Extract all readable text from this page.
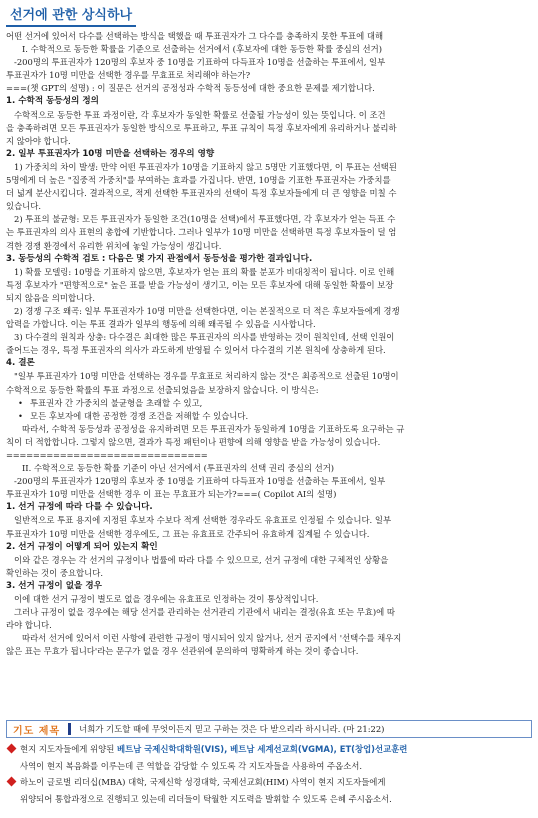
선거에 관한 상식하나

어떤 선거에 있어서 다수를 선택하는 방식을 택했을 때 투표권자가 그 다수를 충족하지 못한 투표에 대해

I. 수학적으로 동등한 확률을 기준으로 선출하는 선거에서 (후보자에 대한 동등한 확률 중심의 선거)

-200명의 투표권자가 120명의 후보자 중 10명을 기표하여 다득표자 10명을 선출하는 투표에서, 일부

투표권자가 10명 미만을 선택한 경우를 무효표로 처리해야 하는가?

===(챗 GPT의 설명) : 이 질문은 선거의 공정성과 수학적 동등성에 대한 중요한 문제를 제기합니다.

1. 수학적 동등성의 정의

수학적으로 동등한 투표 과정이란, 각 후보자가 동일한 확률로 선출될 가능성이 있는 뜻입니다. 이 조건

을 충족하려면 모든 투표권자가 동일한 방식으로 투표하고, 투표 규칙이 특정 후보자에게 유리하거나 불리하

지 않아야 합니다.

2. 일부 투표권자가 10명 미만을 선택하는 경우의 영향

1) 가중치의 차이 발생: 만약 어떤 투표권자가 10명을 기표하지 않고 5명만 기표했다면, 이 투표는 선택된

5명에게 더 높은 "집중적 가중치"를 부여하는 효과를 가집니다. 반면, 10명을 기표한 투표권자는 가중치를

더 넓게 분산시킵니다. 결과적으로, 적게 선택한 투표권자의 선택이 특정 후보자들에게 더 큰 영향을 미칠 수

있습니다.

2) 투표의 불균형: 모든 투표권자가 동일한 조건(10명을 선택)에서 투표했다면, 각 후보자가 얻는 득표 수

는 투표권자의 의사 표현의 총합에 기반합니다. 그러나 일부가 10명 미만을 선택하면 특정 후보자들이 덜 엄

격한 경쟁 환경에서 유리한 위치에 놓일 가능성이 생깁니다.

3. 동등성의 수학적 검토 : 다음은 몇 가지 관점에서 동등성을 평가한 결과입니다.

1) 확률 모델링: 10명을 기표하지 않으면, 후보자가 얻는 표의 확률 분포가 비대칭적이 됩니다. 이로 인해

특정 후보자가 "편향적으로" 높은 표를 받을 가능성이 생기고, 이는 모든 후보자에 대해 동일한 확률이 보장

되지 않음을 의미합니다.

2) 경쟁 구조 왜곡: 일부 투표권자가 10명 미만을 선택한다면, 이는 본질적으로 더 적은 후보자들에게 경쟁

압력을 가합니다. 이는 투표 결과가 일부의 행동에 의해 왜곡될 수 있음을 시사합니다.

3) 다수결의 원칙과 상충: 다수결은 최대한 많은 투표권자의 의사를 반영하는 것이 원칙인데, 선택 인원이

줄어드는 경우, 특정 투표권자의 의사가 과도하게 반영될 수 있어서 다수결의 기본 원칙에 상충하게 된다.

4. 결론

"일부 투표권자가 10명 미만을 선택하는 경우를 무효표로 처리하지 않는 것"은 최종적으로 선출된 10명이

수학적으로 동등한 확률의 투표 과정으로 선출되었음을 보장하지 않습니다. 이 방식은:

• 투표권자 간 가중치의 불균형을 초래할 수 있고,

• 모든 후보자에 대한 공정한 경쟁 조건을 저해할 수 있습니다.

따라서, 수학적 동등성과 공정성을 유지하려면 모든 투표권자가 동일하게 10명을 기표하도록 요구하는 규

칙이 더 적합합니다. 그렇지 않으면, 결과가 특정 패턴이나 편향에 의해 영향을 받을 가능성이 있습니다.

==============================

II. 수학적으로 동등한 확률 기준이 아닌 선거에서 (투표권자의 선택 권리 중심의 선거)

-200명의 투표권자가 120명의 후보자 중 10명을 기표하여 다득표자 10명을 선출하는 투표에서, 일부

투표권자가 10명 미만을 선택한 경우 이 표는 무효표가 되는가?===( Copilot AI의 설명)

1. 선거 규정에 따라 다를 수 있습니다.

일반적으로 투표 용지에 지정된 후보자 수보다 적게 선택한 경우라도 유효표로 인정될 수 있습니다. 일부

투표권자가 10명 미만을 선택한 경우에도, 그 표는 유효표로 간주되어 유효하게 집계될 수 있습니다.

2. 선거 규정이 어떻게 되어 있는지 확인

이와 같은 경우는 각 선거의 규정이나 법률에 따라 다를 수 있으므로, 선거 규정에 대한 구체적인 상황을

확인하는 것이 중요합니다.

3. 선거 규정이 없을 경우

이에 대한 선거 규정이 별도로 없을 경우에는 유효표로 인정하는 것이 통상적입니다.

그러나 규정이 없을 경우에는 해당 선거를 관리하는 선거관리 기관에서 내리는 결정(유효 또는 무효)에 따

라야 합니다.

따라서 선거에 있어서 이런 사항에 관련한 규정이 명시되어 있지 않거나, 선거 공지에서 '선택수를 채우지

않은 표는 무효가 됩니다'라는 문구가 없을 경우 선관위에 문의하여 명확하게 하는 것이 좋습니다.

기도 제목	너희가 기도할 때에 무엇이든지 믿고 구하는 것은 다 받으리라 하시니라. (마 21:22)
현지 지도자들에게 위양된 베트남 국제신학대학원(VIS), 베트남 세계선교회(VGMA), ET(창업)선교훈련
사역이 현지 복음화를 이루는데 큰 역할을 감당할 수 있도록 각 지도자들을 사용하여 주옵소서.
하노이 글로벌 리더십(MBA) 대학, 국제신학 성경대학, 국제선교회(HIM) 사역이 현지 지도자들에게
위양되어 통합과정으로 진행되고 있는데 리더들이 탁월한 지도력을 발휘할 수 있도록 은혜 주시옵소서.
